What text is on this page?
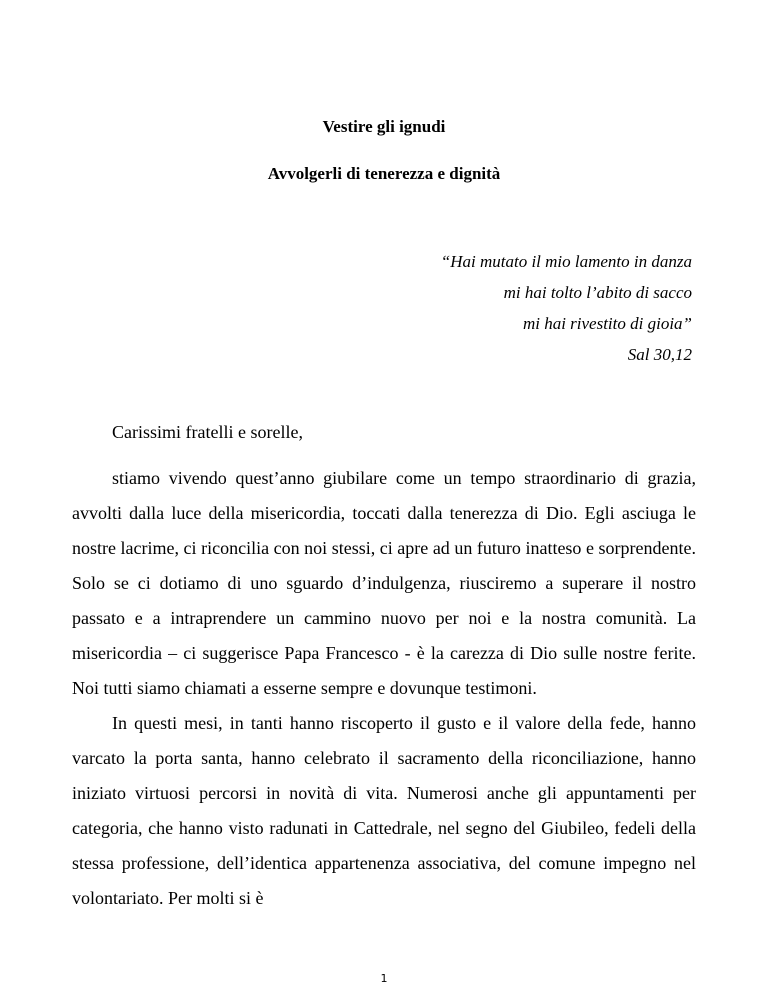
Vestire gli ignudi
Avvolgerli di tenerezza e dignità
“Hai mutato il mio lamento in danza
mi hai tolto l’abito di sacco
mi hai rivestito di gioia”
Sal 30,12
Carissimi fratelli e sorelle,

stiamo vivendo quest’anno giubilare come un tempo straordinario di grazia, avvolti dalla luce della misericordia, toccati dalla tenerezza di Dio. Egli asciuga le nostre lacrime, ci riconcilia con noi stessi, ci apre ad un futuro inatteso e sorprendente. Solo se ci dotiamo di uno sguardo d’indulgenza, riusciremo a superare il nostro passato e a intraprendere un cammino nuovo per noi e la nostra comunità. La misericordia – ci suggerisce Papa Francesco - è la carezza di Dio sulle nostre ferite. Noi tutti siamo chiamati a esserne sempre e dovunque testimoni.

In questi mesi, in tanti hanno riscoperto il gusto e il valore della fede, hanno varcato la porta santa, hanno celebrato il sacramento della riconciliazione, hanno iniziato virtuosi percorsi in novità di vita. Numerosi anche gli appuntamenti per categoria, che hanno visto radunati in Cattedrale, nel segno del Giubileo, fedeli della stessa professione, dell’identica appartenenza associativa, del comune impegno nel volontariato. Per molti si è

1
